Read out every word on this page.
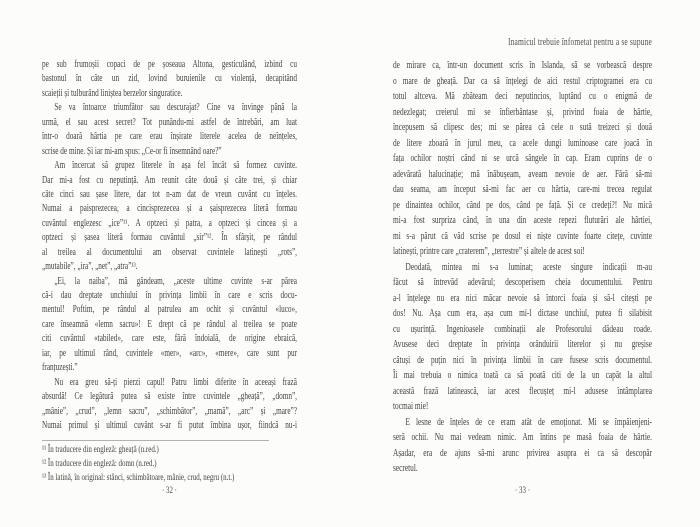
pe sub frumoșii copaci de pe șoseaua Altona, gesticulând, izbind cu
bastonul în câte un zid, lovind buruienile cu violență, decapitând
scaieții și tulburând liniștea berzelor singuratice.
Se va întoarce triumfător sau descurajat? Cine va învinge până la
urmă, el sau acest secret? Tot punându-mi astfel de întrebări, am luat
într-o doară hârtia pe care erau înșirate literele acelea de neînțeles,
scrise de mine. Și iar mi-am spus: „Ce-or fi însemnând oare?”
Am încercat să grupez literele în așa fel încât să formez cuvinte.
Dar mi-a fost cu neputință. Am reunit câte două și câte trei, și chiar
câte cinci sau șase litere, dar tot n-am dat de vreun cuvânt cu înțeles.
Numai a paisprezecea, a cincisprezecea și a șaisprezecea literă formau
cuvântul englezesc „ice”¹¹. A optzeci și patra, a optzeci și cincea și a
optzeci și șasea literă formau cuvântul „sir”¹². În sfârșit, pe rândul
al treilea al documentului am observat cuvintele latinești „rots”,
„mutabile”, „ira”, „net”, „atra”¹³.
„Ei, la naiba”, mă gândeam, „aceste ultime cuvinte s-ar părea
că-i dau dreptate unchiului în privința limbii în care e scris docu-
mentul! Poftim, pe rândul al patrulea am ochit și cuvântul «luco»,
care înseamnă «lemn sacru»! E drept că pe rândul al treilea se poate
citi cuvântul «tabiled», care este, fără îndoială, de origine ebraică,
iar, pe ultimul rând, cuvintele «mer», «arc», «mere», care sunt pur
franțuzești.”
Nu era greu să-ți pierzi capul! Patru limbi diferite în aceeași frază
absurdă! Ce legătură putea să existe între cuvintele „gheață”, „domn”,
„mânie”, „crud”, „lemn sacru”, „schimbător”, „mamă”, „arc” și „mare”?
Numai primul și ultimul cuvânt s-ar fi putut îmbina ușor, fiindcă nu-i
¹¹ În traducere din engleză: gheață (n.red.)
¹² În traducere din engleză: domn (n.red.)
¹³ În latină, în original: stânci, schimbătoare, mânie, crud, negru (n.t.)
· 32 ·
Inamicul trebuie înfometat pentru a se supune
de mirare ca, într-un document scris în Islanda, să se vorbească despre
o mare de gheață. Dar ca să înțelegi de aici restul criptogramei era cu
totul altceva. Mă zbăteam deci neputincios, luptând cu o enigmă de
nedezlegat; creierul mi se înfierbântase și, privind foaia de hârtie,
începusem să clipesc des; mi se părea că cele o sută treizeci și două
de litere zboară în jurul meu, ca acele dungi luminoase care joacă în
fața ochilor noștri când ni se urcă sângele în cap. Eram cuprins de o
adevărată halucinație; mă înăbușeam, aveam nevoie de aer. Fără să-mi
dau seama, am început să-mi fac aer cu hârtia, care-mi trecea regulat
pe dinaintea ochilor, când pe dos, când pe față. Și ce credeți?! Nu mică
mi-a fost surpriza când, în una din aceste repezi fluturări ale hârtiei,
mi s-a părut că văd scrise pe dosul ei niște cuvinte foarte citețe, cuvinte
latinești, printre care „craterem”, „terrestre” și altele de acest soi!
Deodată, mintea mi s-a luminat; aceste singure indicații m-au
făcut să întrevăd adevărul; descoperisem cheia documentului. Pentru
a-l înțelege nu era nici măcar nevoie să întorci foaia și să-l citești pe
dos! Nu. Așa cum era, așa cum mi-l dictase unchiul, putea fi silabisit
cu ușurință. Ingenioasele combinații ale Profesorului dădeau roade.
Avusese deci dreptate în privința orânduirii literelor și nu greșise
câtuși de puțin nici în privința limbii în care fusese scris documentul.
Îi mai trebuia o nimica toată ca să poată citi de la un capăt la altul
această frază latinească, iar acest flecușteț mi-l adusese întâmplarea
tocmai mie!
E lesne de înțeles de ce eram atât de emoționat. Mi se împăienjeni-
seră ochii. Nu mai vedeam nimic. Am întins pe masă foaia de hârtie.
Așadar, era de ajuns să-mi arunc privirea asupra ei ca să descopăr
secretul.
· 33 ·
